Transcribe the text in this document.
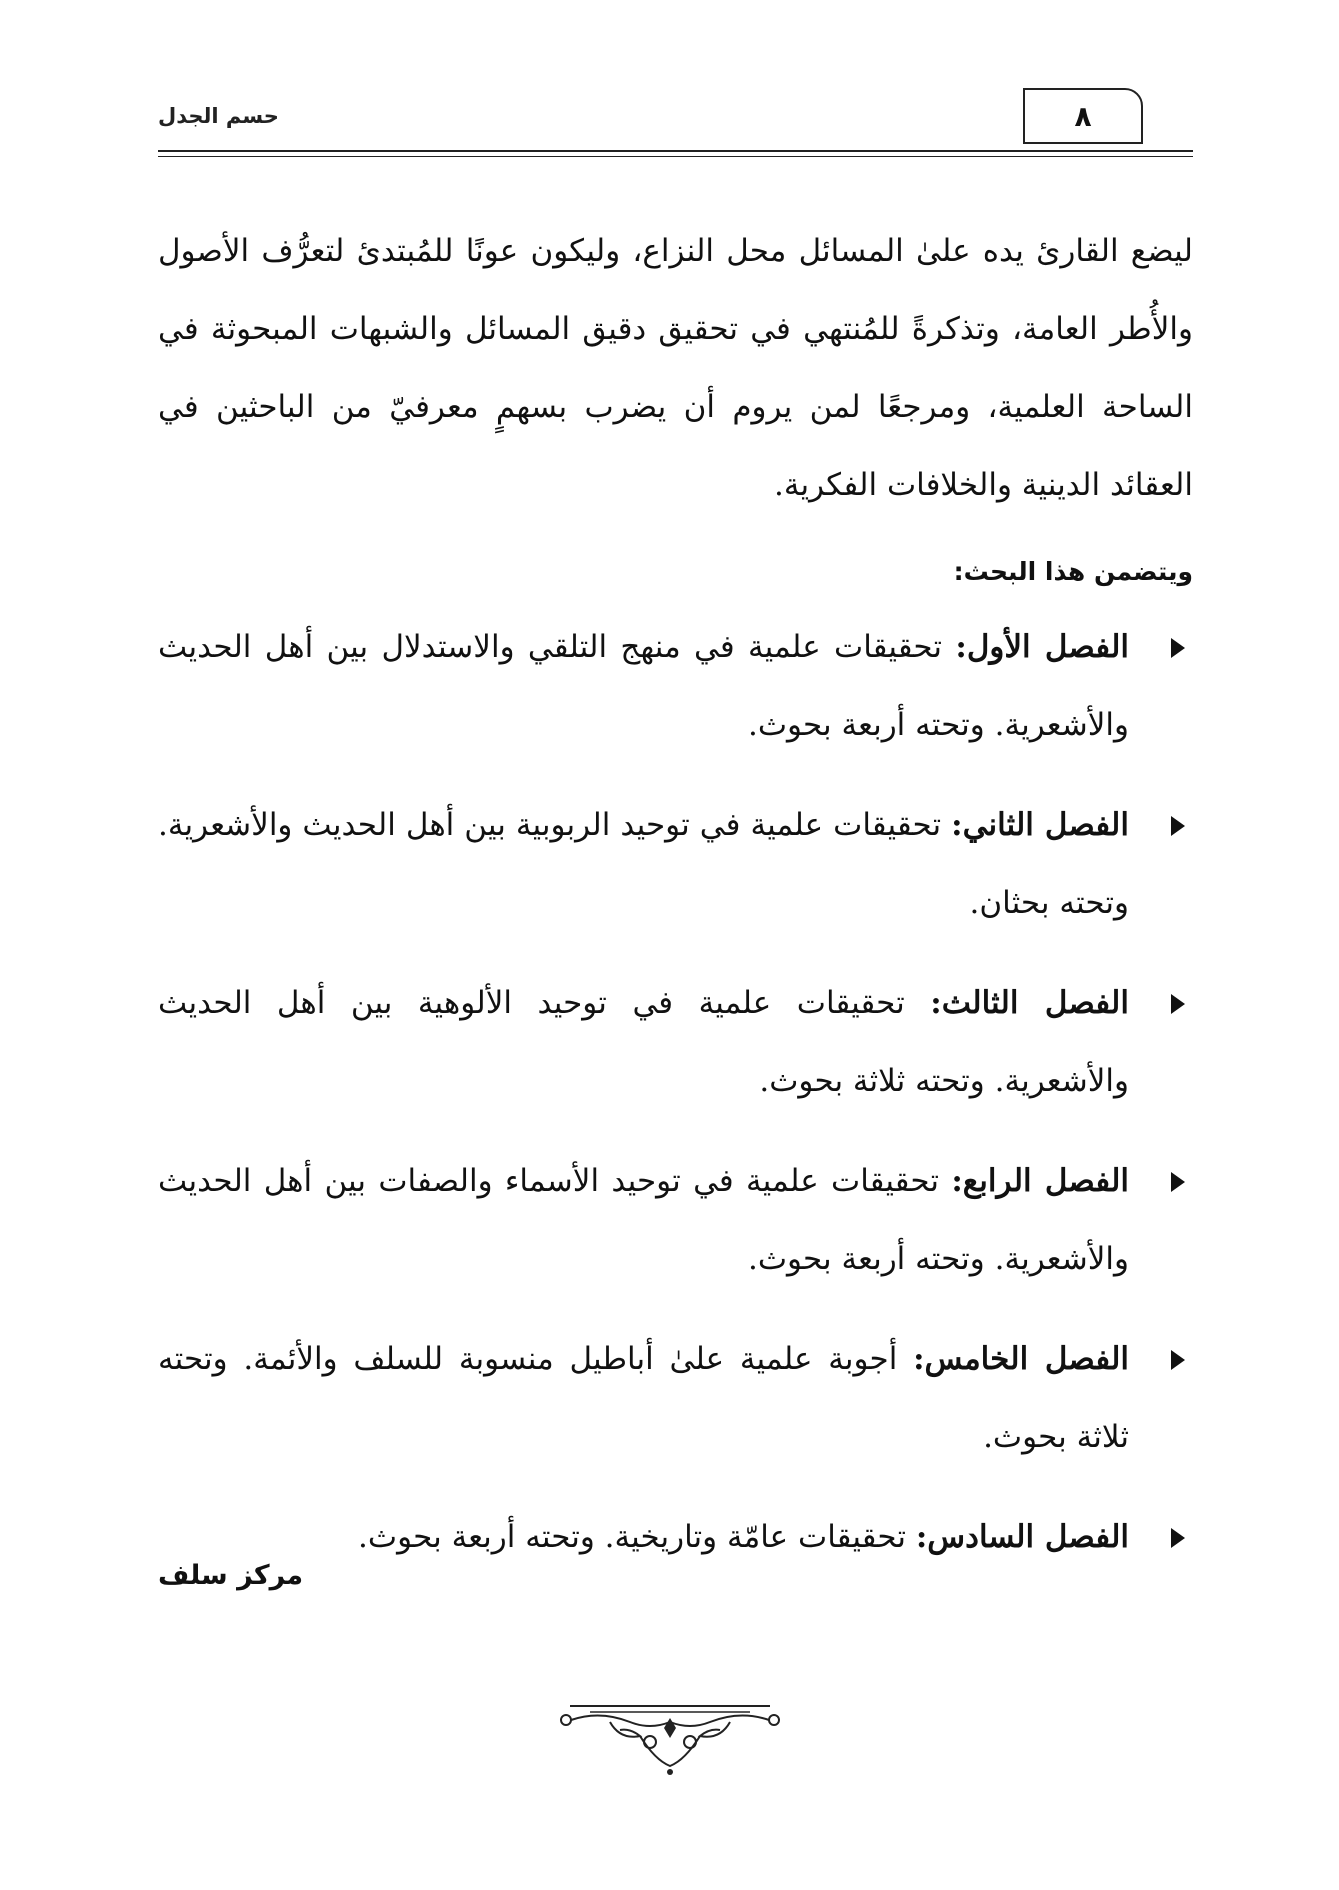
حسم الجدل	٨

ليضع القارئ يده علىٰ المسائل محل النزاع، وليكون عونًا للمُبتدئ لتعرُّف الأصول والأُطر العامة، وتذكرةً للمُنتهي في تحقيق دقيق المسائل والشبهات المبحوثة في الساحة العلمية، ومرجعًا لمن يروم أن يضرب بسهمٍ معرفيّ من الباحثين في العقائد الدينية والخلافات الفكرية.

ويتضمن هذا البحث:
الفصل الأول: تحقيقات علمية في منهج التلقي والاستدلال بين أهل الحديث والأشعرية. وتحته أربعة بحوث.
الفصل الثاني: تحقيقات علمية في توحيد الربوبية بين أهل الحديث والأشعرية. وتحته بحثان.
الفصل الثالث: تحقيقات علمية في توحيد الألوهية بين أهل الحديث والأشعرية. وتحته ثلاثة بحوث.
الفصل الرابع: تحقيقات علمية في توحيد الأسماء والصفات بين أهل الحديث والأشعرية. وتحته أربعة بحوث.
الفصل الخامس: أجوبة علمية علىٰ أباطيل منسوبة للسلف والأئمة. وتحته ثلاثة بحوث.
الفصل السادس: تحقيقات عامّة وتاريخية. وتحته أربعة بحوث.
مركز سلف
